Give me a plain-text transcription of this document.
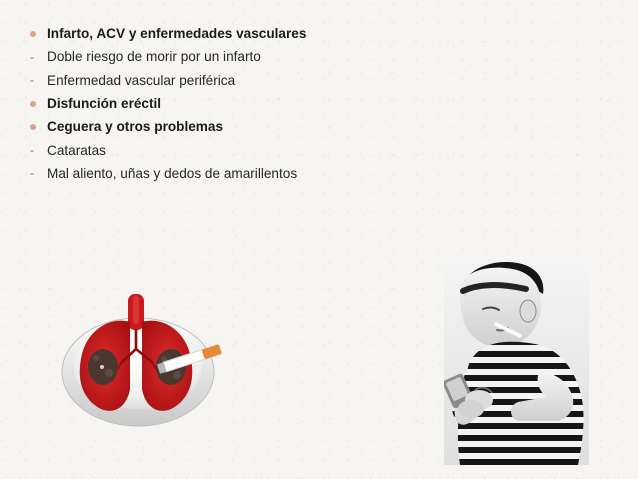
Infarto, ACV y enfermedades vasculares
- Doble riesgo de morir por un infarto
- Enfermedad vascular periférica
Disfunción eréctil
Ceguera y otros problemas
- Cataratas
- Mal aliento, uñas y dedos de amarillentos
